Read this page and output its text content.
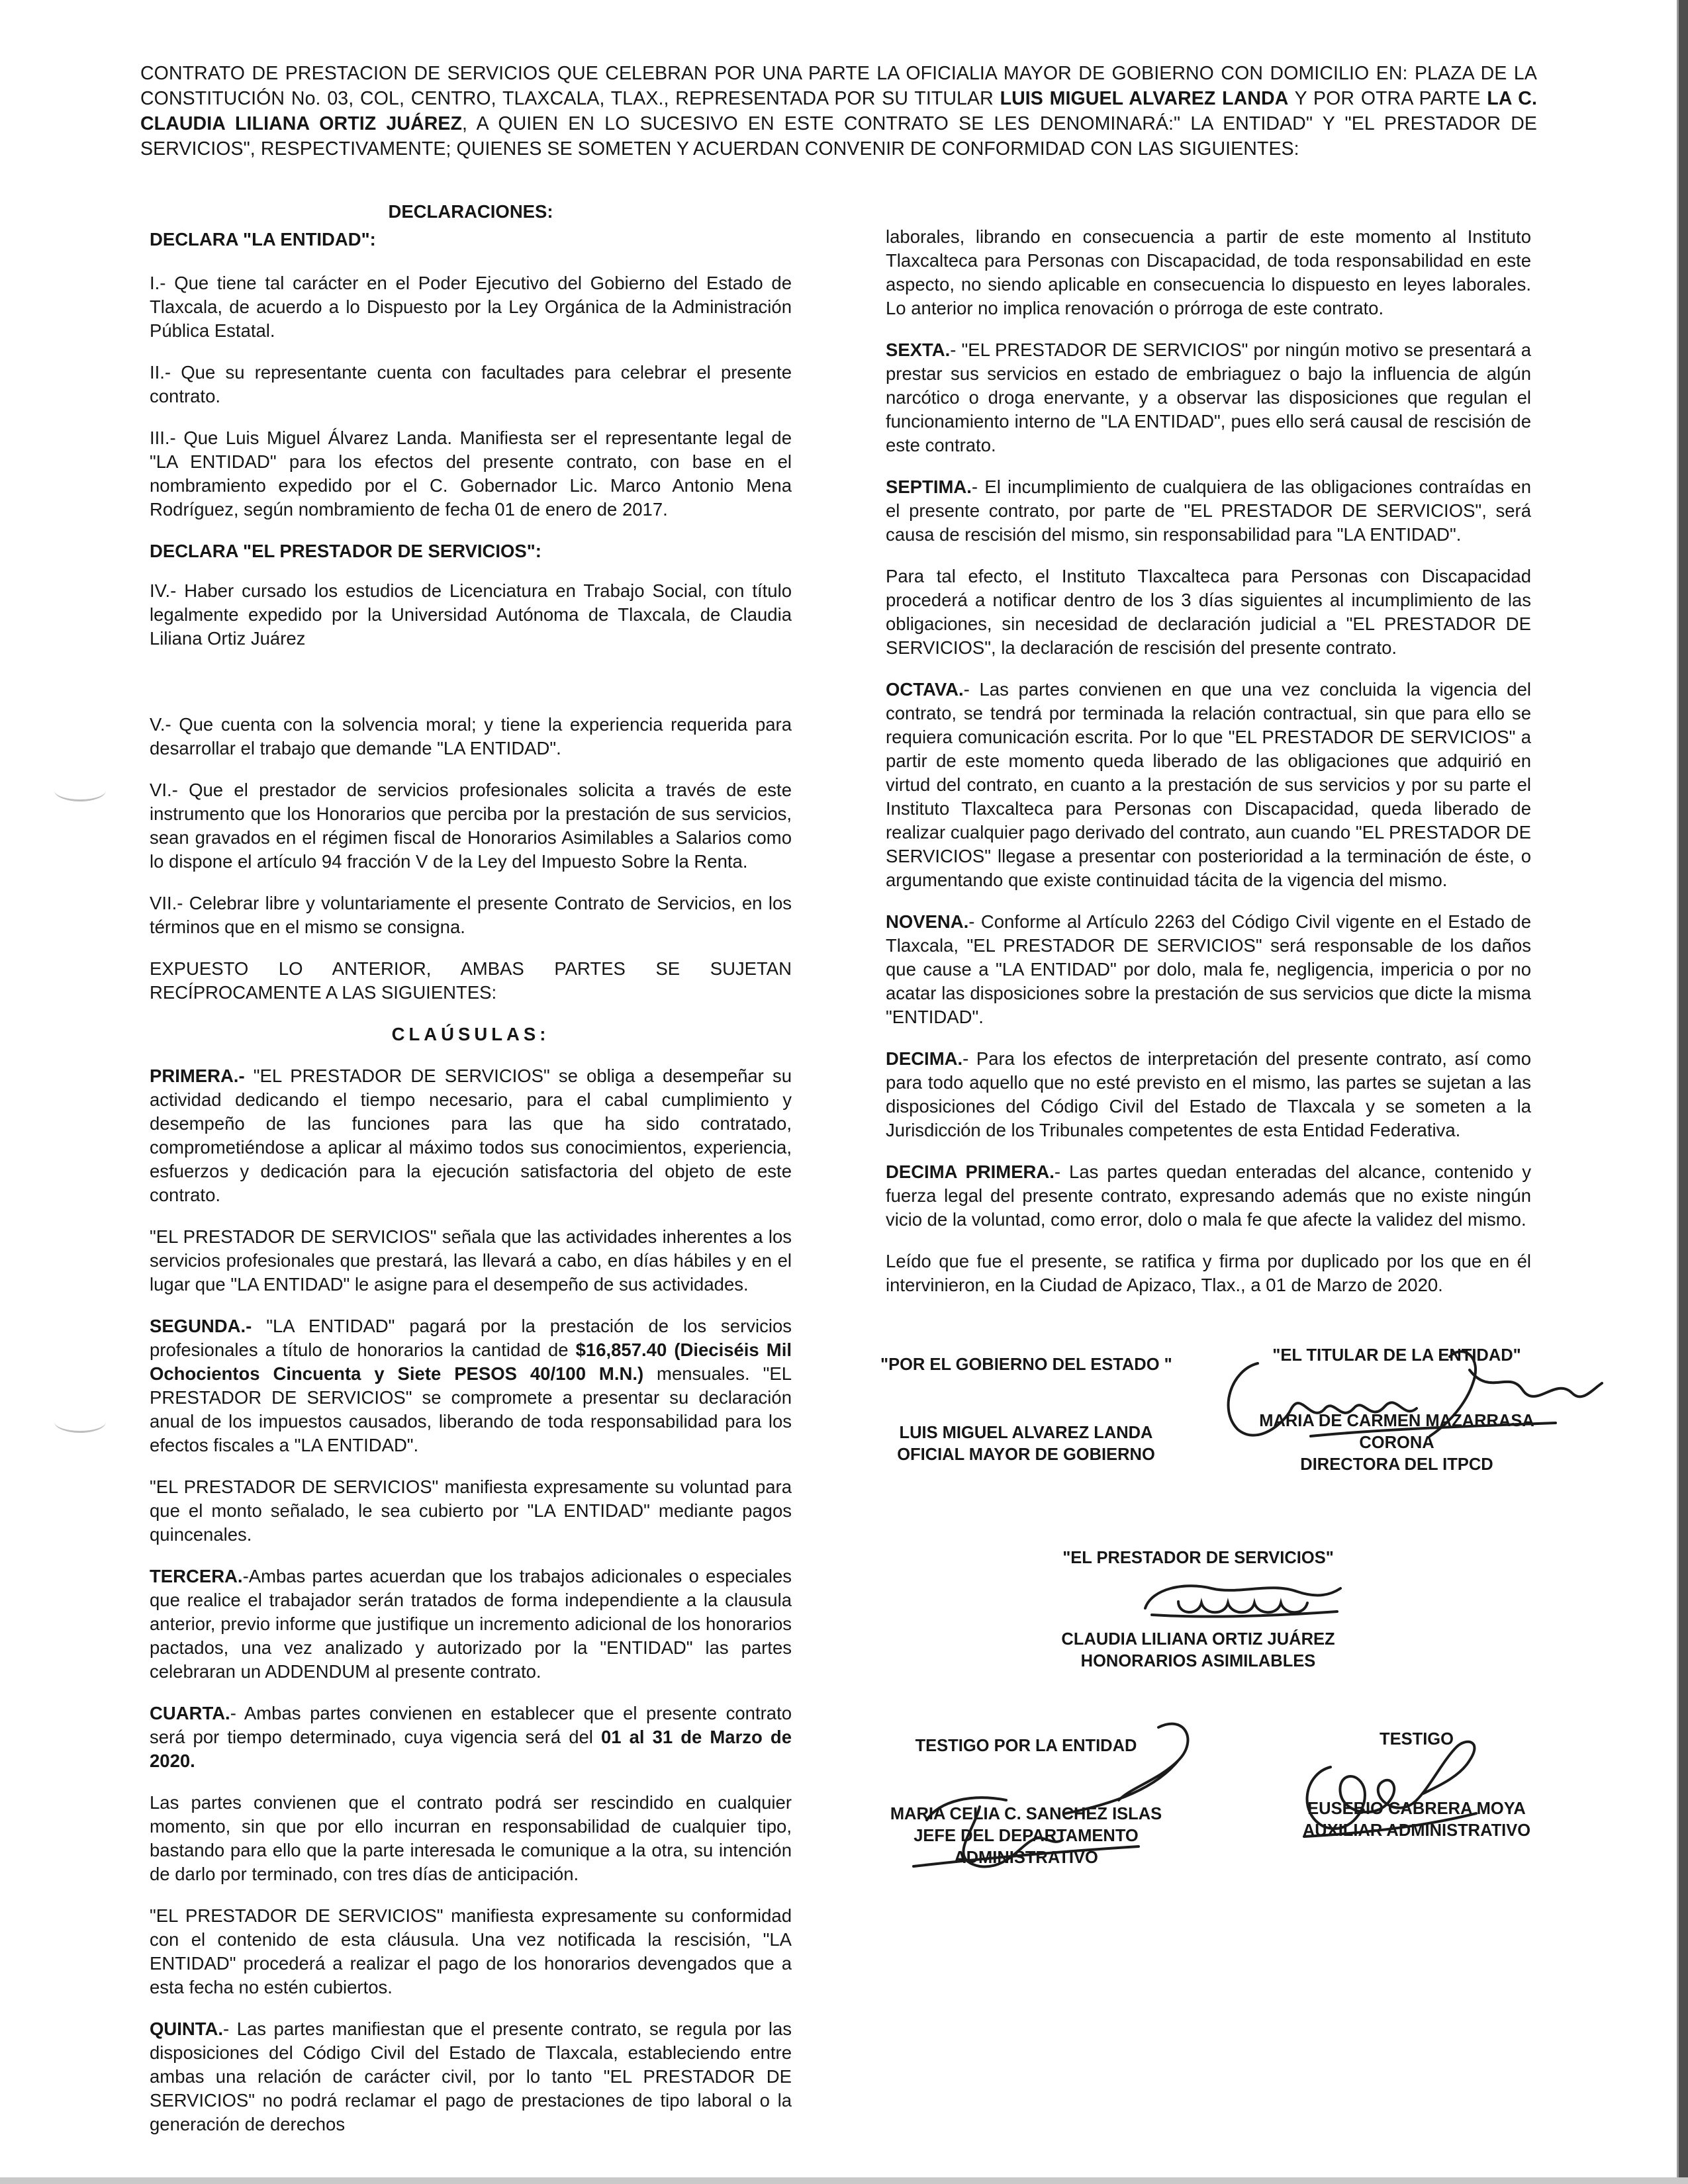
CONTRATO DE PRESTACION DE SERVICIOS QUE CELEBRAN POR UNA PARTE LA OFICIALIA MAYOR DE GOBIERNO CON DOMICILIO EN: PLAZA DE LA CONSTITUCIÓN No. 03, COL, CENTRO, TLAXCALA, TLAX., REPRESENTADA POR SU TITULAR LUIS MIGUEL ALVAREZ LANDA Y POR OTRA PARTE LA C. CLAUDIA LILIANA ORTIZ JUÁREZ, A QUIEN EN LO SUCESIVO EN ESTE CONTRATO SE LES DENOMINARÁ:" LA ENTIDAD" Y "EL PRESTADOR DE SERVICIOS", RESPECTIVAMENTE; QUIENES SE SOMETEN Y ACUERDAN CONVENIR DE CONFORMIDAD CON LAS SIGUIENTES:

DECLARACIONES:

DECLARA "LA ENTIDAD":

I.- Que tiene tal carácter en el Poder Ejecutivo del Gobierno del Estado de Tlaxcala, de acuerdo a lo Dispuesto por la Ley Orgánica de la Administración Pública Estatal.

II.- Que su representante cuenta con facultades para celebrar el presente contrato.

III.- Que Luis Miguel Álvarez Landa. Manifiesta ser el representante legal de "LA ENTIDAD" para los efectos del presente contrato, con base en el nombramiento expedido por el C. Gobernador Lic. Marco Antonio Mena Rodríguez, según nombramiento de fecha 01 de enero de 2017.

DECLARA "EL PRESTADOR DE SERVICIOS":

IV.- Haber cursado los estudios de Licenciatura en Trabajo Social, con título legalmente expedido por la Universidad Autónoma de Tlaxcala, de Claudia Liliana Ortiz Juárez

V.- Que cuenta con la solvencia moral; y tiene la experiencia requerida para desarrollar el trabajo que demande "LA ENTIDAD".

VI.- Que el prestador de servicios profesionales solicita a través de este instrumento que los Honorarios que perciba por la prestación de sus servicios, sean gravados en el régimen fiscal de Honorarios Asimilables a Salarios como lo dispone el artículo 94 fracción V de la Ley del Impuesto Sobre la Renta.

VII.- Celebrar libre y voluntariamente el presente Contrato de Servicios, en los términos que en el mismo se consigna.

EXPUESTO LO ANTERIOR, AMBAS PARTES SE SUJETAN RECÍPROCAMENTE A LAS SIGUIENTES:

CLAÚSULAS:

PRIMERA.- "EL PRESTADOR DE SERVICIOS" se obliga a desempeñar su actividad dedicando el tiempo necesario, para el cabal cumplimiento y desempeño de las funciones para las que ha sido contratado, comprometiéndose a aplicar al máximo todos sus conocimientos, experiencia, esfuerzos y dedicación para la ejecución satisfactoria del objeto de este contrato.

"EL PRESTADOR DE SERVICIOS" señala que las actividades inherentes a los servicios profesionales que prestará, las llevará a cabo, en días hábiles y en el lugar que "LA ENTIDAD" le asigne para el desempeño de sus actividades.

SEGUNDA.- "LA ENTIDAD" pagará por la prestación de los servicios profesionales a título de honorarios la cantidad de $16,857.40 (Dieciséis Mil Ochocientos Cincuenta y Siete PESOS 40/100 M.N.) mensuales. "EL PRESTADOR DE SERVICIOS" se compromete a presentar su declaración anual de los impuestos causados, liberando de toda responsabilidad para los efectos fiscales a "LA ENTIDAD".

"EL PRESTADOR DE SERVICIOS" manifiesta expresamente su voluntad para que el monto señalado, le sea cubierto por "LA ENTIDAD" mediante pagos quincenales.

TERCERA.-Ambas partes acuerdan que los trabajos adicionales o especiales que realice el trabajador serán tratados de forma independiente a la clausula anterior, previo informe que justifique un incremento adicional de los honorarios pactados, una vez analizado y autorizado por la "ENTIDAD" las partes celebraran un ADDENDUM al presente contrato.

CUARTA.- Ambas partes convienen en establecer que el presente contrato será por tiempo determinado, cuya vigencia será del 01 al 31 de Marzo de 2020.

Las partes convienen que el contrato podrá ser rescindido en cualquier momento, sin que por ello incurran en responsabilidad de cualquier tipo, bastando para ello que la parte interesada le comunique a la otra, su intención de darlo por terminado, con tres días de anticipación.

"EL PRESTADOR DE SERVICIOS" manifiesta expresamente su conformidad con el contenido de esta cláusula. Una vez notificada la rescisión, "LA ENTIDAD" procederá a realizar el pago de los honorarios devengados que a esta fecha no estén cubiertos.

QUINTA.- Las partes manifiestan que el presente contrato, se regula por las disposiciones del Código Civil del Estado de Tlaxcala, estableciendo entre ambas una relación de carácter civil, por lo tanto "EL PRESTADOR DE SERVICIOS" no podrá reclamar el pago de prestaciones de tipo laboral o la generación de derechos

laborales, librando en consecuencia a partir de este momento al Instituto Tlaxcalteca para Personas con Discapacidad, de toda responsabilidad en este aspecto, no siendo aplicable en consecuencia lo dispuesto en leyes laborales. Lo anterior no implica renovación o prórroga de este contrato.

SEXTA.- "EL PRESTADOR DE SERVICIOS" por ningún motivo se presentará a prestar sus servicios en estado de embriaguez o bajo la influencia de algún narcótico o droga enervante, y a observar las disposiciones que regulan el funcionamiento interno de "LA ENTIDAD", pues ello será causal de rescisión de este contrato.

SEPTIMA.- El incumplimiento de cualquiera de las obligaciones contraídas en el presente contrato, por parte de "EL PRESTADOR DE SERVICIOS", será causa de rescisión del mismo, sin responsabilidad para "LA ENTIDAD".

Para tal efecto, el Instituto Tlaxcalteca para Personas con Discapacidad procederá a notificar dentro de los 3 días siguientes al incumplimiento de las obligaciones, sin necesidad de declaración judicial a "EL PRESTADOR DE SERVICIOS", la declaración de rescisión del presente contrato.

OCTAVA.- Las partes convienen en que una vez concluida la vigencia del contrato, se tendrá por terminada la relación contractual, sin que para ello se requiera comunicación escrita. Por lo que "EL PRESTADOR DE SERVICIOS" a partir de este momento queda liberado de las obligaciones que adquirió en virtud del contrato, en cuanto a la prestación de sus servicios y por su parte el Instituto Tlaxcalteca para Personas con Discapacidad, queda liberado de realizar cualquier pago derivado del contrato, aun cuando "EL PRESTADOR DE SERVICIOS" llegase a presentar con posterioridad a la terminación de éste, o argumentando que existe continuidad tácita de la vigencia del mismo.

NOVENA.- Conforme al Artículo 2263 del Código Civil vigente en el Estado de Tlaxcala, "EL PRESTADOR DE SERVICIOS" será responsable de los daños que cause a "LA ENTIDAD" por dolo, mala fe, negligencia, impericia o por no acatar las disposiciones sobre la prestación de sus servicios que dicte la misma "ENTIDAD".

DECIMA.- Para los efectos de interpretación del presente contrato, así como para todo aquello que no esté previsto en el mismo, las partes se sujetan a las disposiciones del Código Civil del Estado de Tlaxcala y se someten a la Jurisdicción de los Tribunales competentes de esta Entidad Federativa.

DECIMA PRIMERA.- Las partes quedan enteradas del alcance, contenido y fuerza legal del presente contrato, expresando además que no existe ningún vicio de la voluntad, como error, dolo o mala fe que afecte la validez del mismo.

Leído que fue el presente, se ratifica y firma por duplicado por los que en él intervinieron, en la Ciudad de Apizaco, Tlax., a 01 de Marzo de 2020.

"POR EL GOBIERNO DEL ESTADO "
LUIS MIGUEL ALVAREZ LANDA
OFICIAL MAYOR DE GOBIERNO
"EL TITULAR DE LA ENTIDAD"
MARIA DE CARMEN MAZARRASA
CORONA
DIRECTORA DEL ITPCD
"EL PRESTADOR DE SERVICIOS"
CLAUDIA LILIANA ORTIZ JUÁREZ
HONORARIOS ASIMILABLES
TESTIGO POR LA ENTIDAD
MARIA CELIA C. SANCHEZ ISLAS
JEFE DEL DEPARTAMENTO
ADMINISTRATIVO
TESTIGO
EUSEBIO CABRERA MOYA
AUXILIAR ADMINISTRATIVO
